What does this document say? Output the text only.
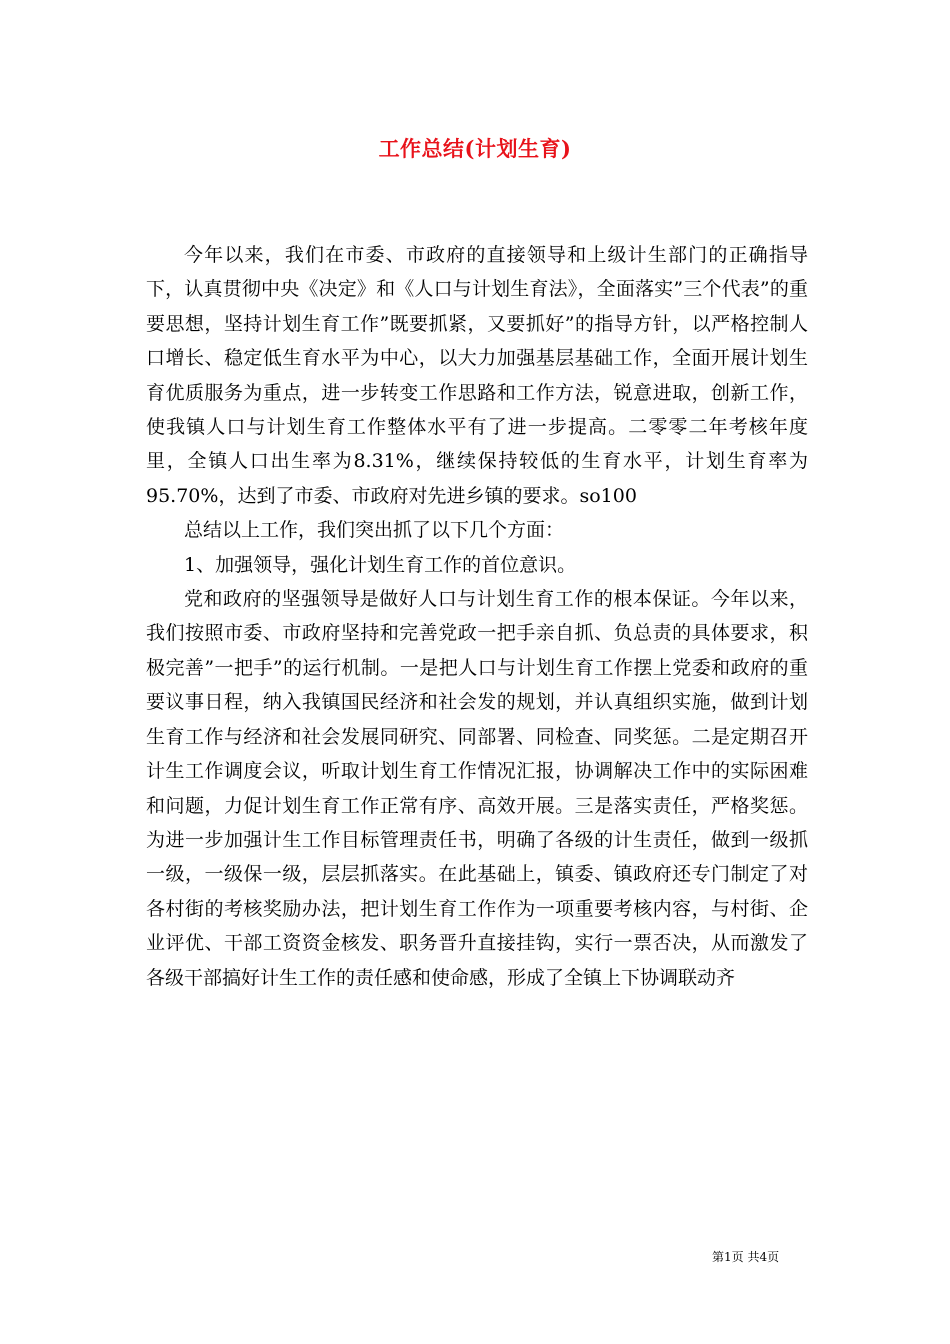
工作总结(计划生育)

今年以来，我们在市委、市政府的直接领导和上级计生部门的正确指导下，认真贯彻中央《决定》和《人口与计划生育法》，全面落实”三个代表”的重要思想，坚持计划生育工作”既要抓紧，又要抓好”的指导方针，以严格控制人口增长、稳定低生育水平为中心，以大力加强基层基础工作，全面开展计划生育优质服务为重点，进一步转变工作思路和工作方法，锐意进取，创新工作，使我镇人口与计划生育工作整体水平有了进一步提高。二零零二年考核年度里，全镇人口出生率为8.31%，继续保持较低的生育水平，计划生育率为95.70%，达到了市委、市政府对先进乡镇的要求。so100

总结以上工作，我们突出抓了以下几个方面：

1、加强领导，强化计划生育工作的首位意识。

党和政府的坚强领导是做好人口与计划生育工作的根本保证。今年以来，我们按照市委、市政府坚持和完善党政一把手亲自抓、负总责的具体要求，积极完善”一把手”的运行机制。一是把人口与计划生育工作摆上党委和政府的重要议事日程，纳入我镇国民经济和社会发的规划，并认真组织实施，做到计划生育工作与经济和社会发展同研究、同部署、同检查、同奖惩。二是定期召开计生工作调度会议，听取计划生育工作情况汇报，协调解决工作中的实际困难和问题，力促计划生育工作正常有序、高效开展。三是落实责任，严格奖惩。为进一步加强计生工作目标管理责任书，明确了各级的计生责任，做到一级抓一级，一级保一级，层层抓落实。在此基础上，镇委、镇政府还专门制定了对各村街的考核奖励办法，把计划生育工作作为一项重要考核内容，与村街、企业评优、干部工资资金核发、职务晋升直接挂钩，实行一票否决，从而激发了各级干部搞好计生工作的责任感和使命感，形成了全镇上下协调联动齐

第1页 共4页
